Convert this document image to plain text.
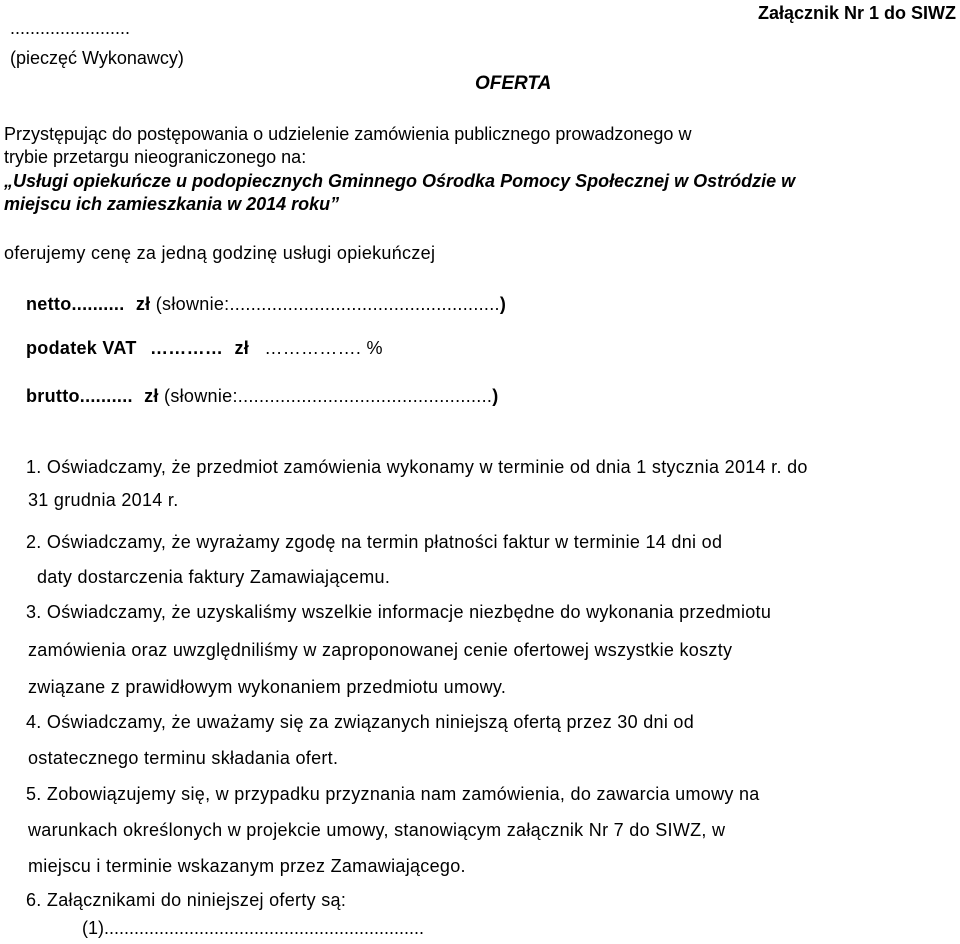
........................
(pieczęć Wykonawcy)
Załącznik Nr 1 do SIWZ
OFERTA
Przystępując do postępowania o udzielenie zamówienia publicznego prowadzonego w
trybie przetargu nieograniczonego na:
„Usługi opiekuńcze u podopiecznych Gminnego Ośrodka Pomocy Społecznej w Ostródzie w
miejscu ich zamieszkania w 2014 roku”
oferujemy cenę za jedną godzinę usługi opiekuńczej
netto.......... zł (słownie:...................................................)
podatek VAT ………… zł ……………. %
brutto.......... zł (słownie:................................................)
1. Oświadczamy, że przedmiot zamówienia wykonamy w terminie od dnia 1 stycznia 2014 r. do
31 grudnia 2014 r.
2. Oświadczamy, że wyrażamy zgodę na termin płatności faktur w terminie 14 dni od
daty dostarczenia faktury Zamawiającemu.
3. Oświadczamy, że uzyskaliśmy wszelkie informacje niezbędne do wykonania przedmiotu
zamówienia oraz uwzględniliśmy w zaproponowanej cenie ofertowej wszystkie koszty
związane z prawidłowym wykonaniem przedmiotu umowy.
4. Oświadczamy, że uważamy się za związanych niniejszą ofertą przez 30 dni od
ostatecznego terminu składania ofert.
5. Zobowiązujemy się, w przypadku przyznania nam zamówienia, do zawarcia umowy na
warunkach określonych w projekcie umowy, stanowiącym załącznik Nr 7 do SIWZ, w
miejscu i terminie wskazanym przez Zamawiającego.
6. Załącznikami do niniejszej oferty są:
(1)................................................................
